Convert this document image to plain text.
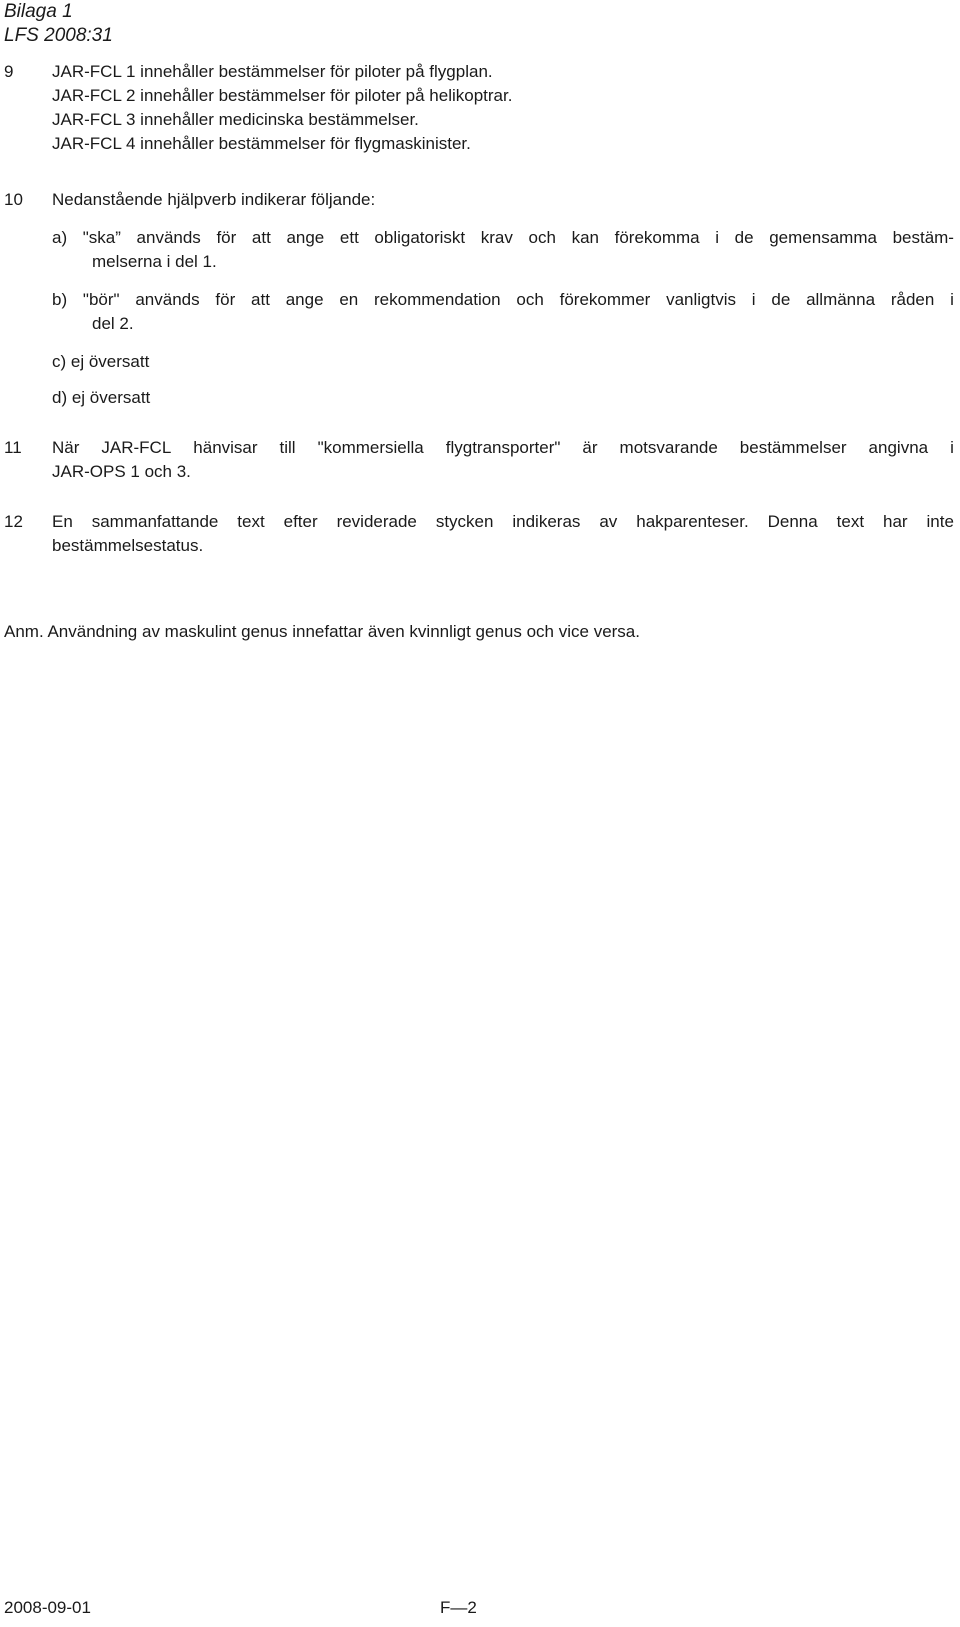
Bilaga 1
LFS 2008:31
9 JAR-FCL 1 innehåller bestämmelser för piloter på flygplan.
JAR-FCL 2 innehåller bestämmelser för piloter på helikoptrar.
JAR-FCL 3 innehåller medicinska bestämmelser.
JAR-FCL 4 innehåller bestämmelser för flygmaskinister.
10 Nedanstående hjälpverb indikerar följande:
a) "ska” används för att ange ett obligatoriskt krav och kan förekomma i de gemensamma bestäm-
melserna i del 1.
b) "bör" används för att ange en rekommendation och förekommer vanligtvis i de allmänna råden i
del 2.
c) ej översatt
d) ej översatt
11 När JAR-FCL hänvisar till "kommersiella flygtransporter" är motsvarande bestämmelser angivna i
JAR-OPS 1 och 3.
12 En sammanfattande text efter reviderade stycken indikeras av hakparenteser. Denna text har inte
bestämmelsestatus.
Anm. Användning av maskulint genus innefattar även kvinnligt genus och vice versa.
2008-09-01	F—2
